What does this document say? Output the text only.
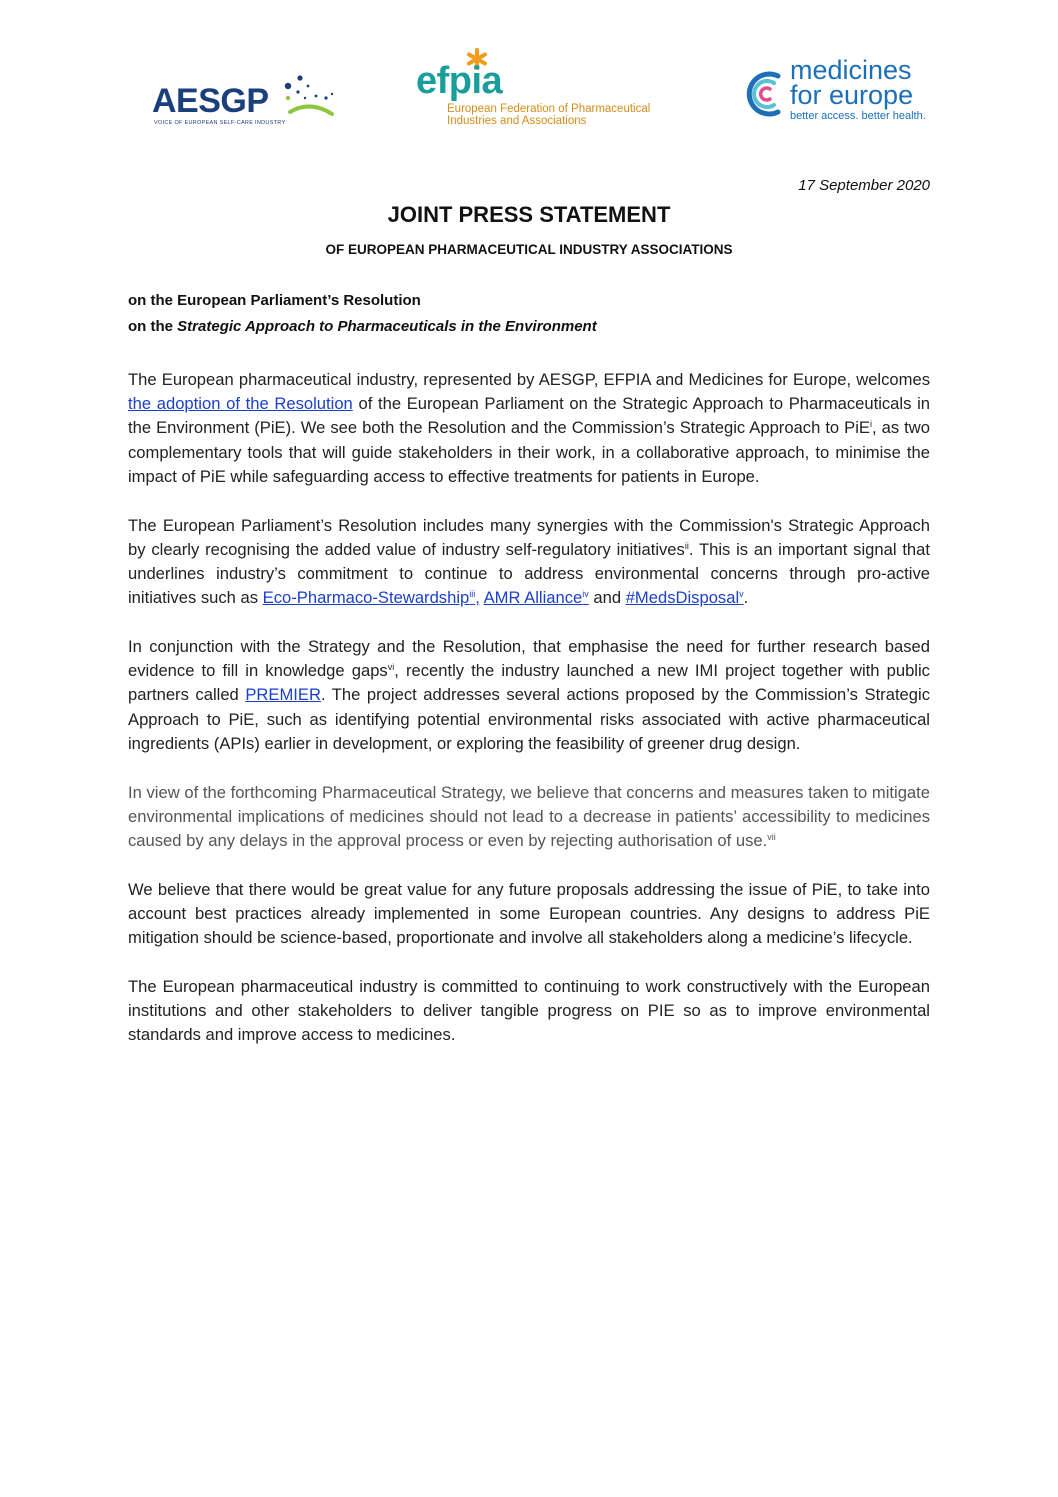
AESGP
VOICE OF EUROPEAN SELF-CARE INDUSTRY
efpia
European Federation of Pharmaceutical
Industries and Associations
medicines
for europe
better access. better health.
17 September 2020
JOINT PRESS STATEMENT
OF EUROPEAN PHARMACEUTICAL INDUSTRY ASSOCIATIONS
on the European Parliament’s Resolution
on the Strategic Approach to Pharmaceuticals in the Environment

The European pharmaceutical industry, represented by AESGP, EFPIA and Medicines for Europe, welcomes the adoption of the Resolution of the European Parliament on the Strategic Approach to Pharmaceuticals in the Environment (PiE). We see both the Resolution and the Commission’s Strategic Approach to PiE$^i$, as two complementary tools that will guide stakeholders in their work, in a collaborative approach, to minimise the impact of PiE while safeguarding access to effective treatments for patients in Europe.

The European Parliament’s Resolution includes many synergies with the Commission's Strategic Approach by clearly recognising the added value of industry self-regulatory initiatives$^{ii}$. This is an important signal that underlines industry’s commitment to continue to address environmental concerns through pro-active initiatives such as Eco-Pharmaco-Stewardship$^{iii}$, AMR Alliance$^{iv}$ and #MedsDisposal$^v$.

In conjunction with the Strategy and the Resolution, that emphasise the need for further research based evidence to fill in knowledge gaps$^{vi}$, recently the industry launched a new IMI project together with public partners called PREMIER. The project addresses several actions proposed by the Commission’s Strategic Approach to PiE, such as identifying potential environmental risks associated with active pharmaceutical ingredients (APIs) earlier in development, or exploring the feasibility of greener drug design.

In view of the forthcoming Pharmaceutical Strategy, we believe that concerns and measures taken to mitigate environmental implications of medicines should not lead to a decrease in patients’ accessibility to medicines caused by any delays in the approval process or even by rejecting authorisation of use.$^{vii}$

We believe that there would be great value for any future proposals addressing the issue of PiE, to take into account best practices already implemented in some European countries. Any designs to address PiE mitigation should be science-based, proportionate and involve all stakeholders along a medicine’s lifecycle.

The European pharmaceutical industry is committed to continuing to work constructively with the European institutions and other stakeholders to deliver tangible progress on PIE so as to improve environmental standards and improve access to medicines.
